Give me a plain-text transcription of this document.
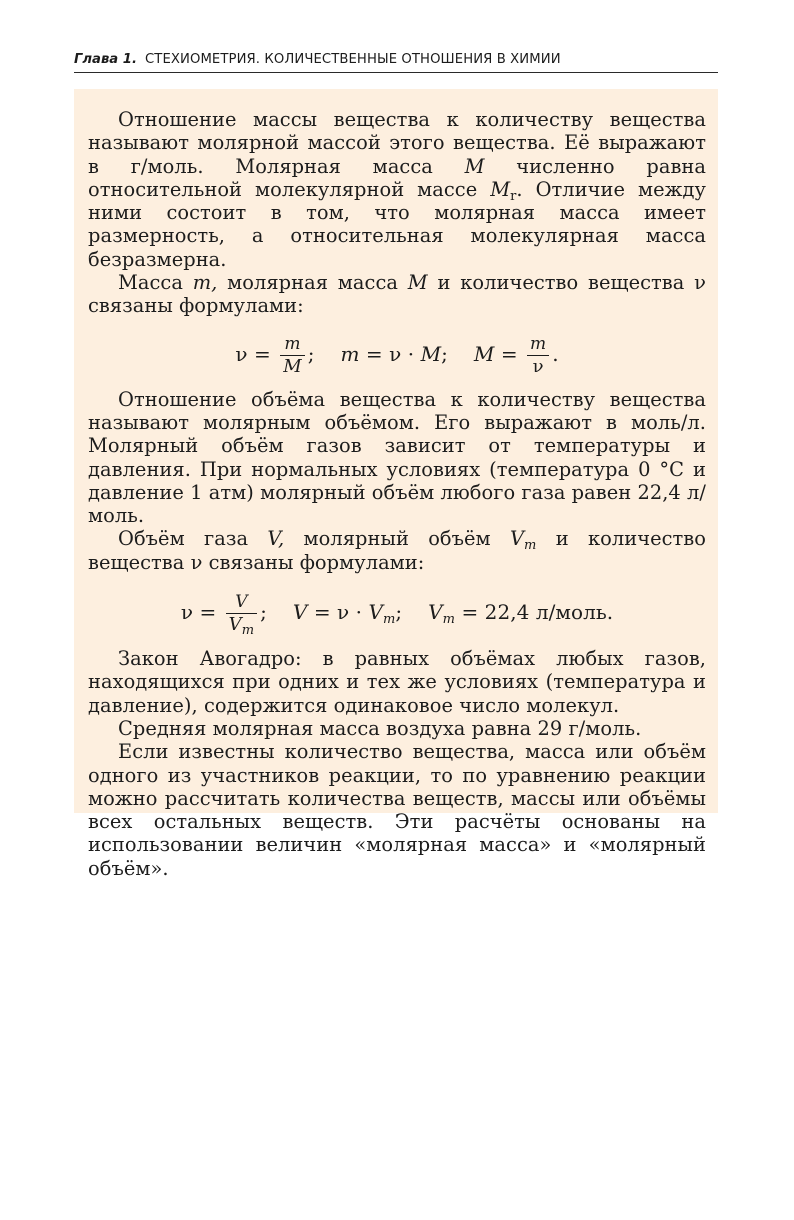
Глава 1. СТЕХИОМЕТРИЯ. КОЛИЧЕСТВЕННЫЕ ОТНОШЕНИЯ В ХИМИИ

Отношение массы вещества к количеству вещества называют молярной массой этого вещества. Её выражают в г/моль. Молярная масса M численно равна относительной молекулярной массе $M_r$. Отличие между ними состоит в том, что молярная масса имеет размерность, а относительная молекулярная масса безразмерна.

Масса m, молярная масса M и количество вещества ν связаны формулами:

$\nu = \frac{m}{M}$ ; m = ν · M; $M = \frac{m}{\nu}$ .

Отношение объёма вещества к количеству вещества называют молярным объёмом. Его выражают в моль/л. Молярный объём газов зависит от температуры и давления. При нормальных условиях (температура 0 °С и давление 1 атм) молярный объём любого газа равен 22,4 л/моль.

Объём газа V, молярный объём $V_m$ и количество вещества ν связаны формулами:

$\nu = \frac{V}{V_m}$ ; $V = \nu \cdot V_m$; $V_m = 22,4$ л/моль.

Закон Авогадро: в равных объёмах любых газов, находящихся при одних и тех же условиях (температура и давление), содержится одинаковое число молекул.

Средняя молярная масса воздуха равна 29 г/моль.

Если известны количество вещества, масса или объём одного из участников реакции, то по уравнению реакции можно рассчитать количества веществ, массы или объёмы всех остальных веществ. Эти расчёты основаны на использовании величин «молярная масса» и «молярный объём».
